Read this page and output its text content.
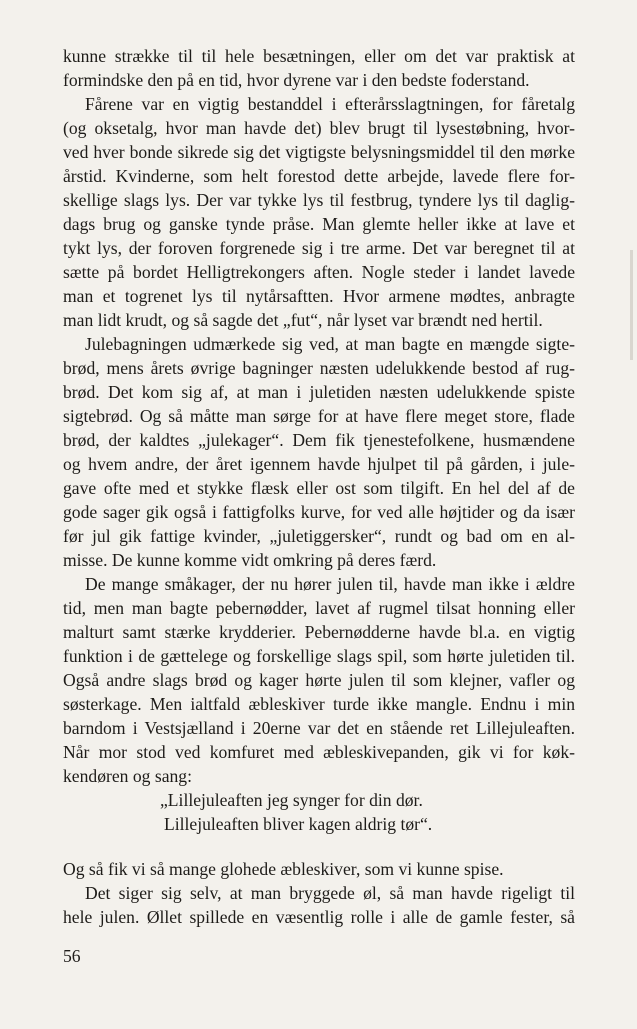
kunne strække til til hele besætningen, eller om det var praktisk at
formindske den på en tid, hvor dyrene var i den bedste foderstand.
Fårene var en vigtig bestanddel i efterårsslagtningen, for fåretalg
(og oksetalg, hvor man havde det) blev brugt til lysestøbning, hvor-
ved hver bonde sikrede sig det vigtigste belysningsmiddel til den mørke
årstid. Kvinderne, som helt forestod dette arbejde, lavede flere for-
skellige slags lys. Der var tykke lys til festbrug, tyndere lys til daglig-
dags brug og ganske tynde pråse. Man glemte heller ikke at lave et
tykt lys, der foroven forgrenede sig i tre arme. Det var beregnet til at
sætte på bordet Helligtrekongers aften. Nogle steder i landet lavede
man et togrenet lys til nytårsaftten. Hvor armene mødtes, anbragte
man lidt krudt, og så sagde det „fut“, når lyset var brændt ned hertil.
Julebagningen udmærkede sig ved, at man bagte en mængde sigte-
brød, mens årets øvrige bagninger næsten udelukkende bestod af rug-
brød. Det kom sig af, at man i juletiden næsten udelukkende spiste
sigtebrød. Og så måtte man sørge for at have flere meget store, flade
brød, der kaldtes „julekager“. Dem fik tjenestefolkene, husmændene
og hvem andre, der året igennem havde hjulpet til på gården, i jule-
gave ofte med et stykke flæsk eller ost som tilgift. En hel del af de
gode sager gik også i fattigfolks kurve, for ved alle højtider og da især
før jul gik fattige kvinder, „juletiggersker“, rundt og bad om en al-
misse. De kunne komme vidt omkring på deres færd.
De mange småkager, der nu hører julen til, havde man ikke i ældre
tid, men man bagte pebernødder, lavet af rugmel tilsat honning eller
malturt samt stærke krydderier. Pebernødderne havde bl.a. en vigtig
funktion i de gættelege og forskellige slags spil, som hørte juletiden til.
Også andre slags brød og kager hørte julen til som klejner, vafler og
søsterkage. Men ialtfald æbleskiver turde ikke mangle. Endnu i min
barndom i Vestsjælland i 20erne var det en stående ret Lillejuleaften.
Når mor stod ved komfuret med æbleskivepanden, gik vi for køk-
kendøren og sang:
„Lillejuleaften jeg synger for din dør.
Lillejuleaften bliver kagen aldrig tør“.
Og så fik vi så mange glohede æbleskiver, som vi kunne spise.
Det siger sig selv, at man bryggede øl, så man havde rigeligt til
hele julen. Øllet spillede en væsentlig rolle i alle de gamle fester, så
56
